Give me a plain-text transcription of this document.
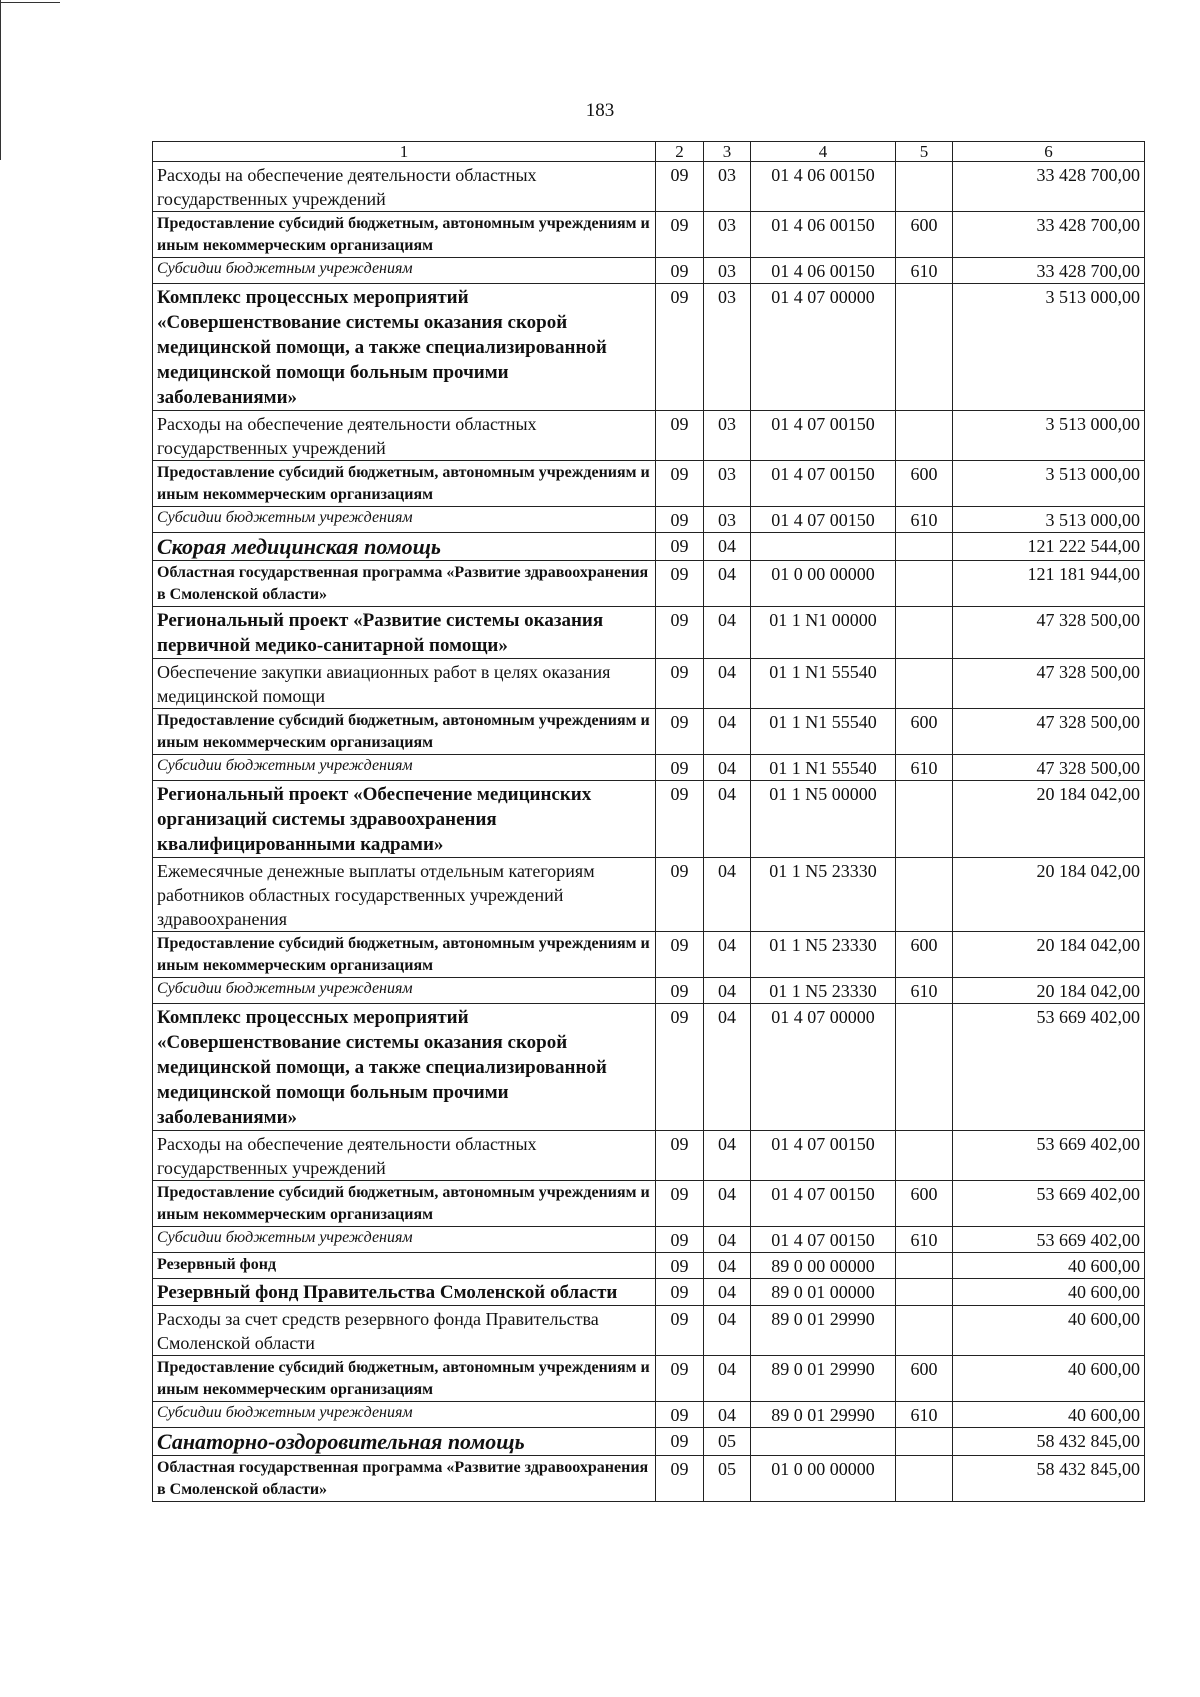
183
1	2	3	4	5	6
Расходы на обеспечение деятельности областных государственных учреждений	09	03	01 4 06 00150		33 428 700,00
Предоставление субсидий бюджетным, автономным учреждениям и иным некоммерческим организациям	09	03	01 4 06 00150	600	33 428 700,00
Субсидии бюджетным учреждениям	09	03	01 4 06 00150	610	33 428 700,00
Комплекс процессных мероприятий «Совершенствование системы оказания скорой медицинской помощи, а также специализированной медицинской помощи больным прочими заболеваниями»	09	03	01 4 07 00000		3 513 000,00
Расходы на обеспечение деятельности областных государственных учреждений	09	03	01 4 07 00150		3 513 000,00
Предоставление субсидий бюджетным, автономным учреждениям и иным некоммерческим организациям	09	03	01 4 07 00150	600	3 513 000,00
Субсидии бюджетным учреждениям	09	03	01 4 07 00150	610	3 513 000,00
Скорая медицинская помощь	09	04			121 222 544,00
Областная государственная программа «Развитие здравоохранения в Смоленской области»	09	04	01 0 00 00000		121 181 944,00
Региональный проект «Развитие системы оказания первичной медико-санитарной помощи»	09	04	01 1 N1 00000		47 328 500,00
Обеспечение закупки авиационных работ в целях оказания медицинской помощи	09	04	01 1 N1 55540		47 328 500,00
Предоставление субсидий бюджетным, автономным учреждениям и иным некоммерческим организациям	09	04	01 1 N1 55540	600	47 328 500,00
Субсидии бюджетным учреждениям	09	04	01 1 N1 55540	610	47 328 500,00
Региональный проект «Обеспечение медицинских организаций системы здравоохранения квалифицированными кадрами»	09	04	01 1 N5 00000		20 184 042,00
Ежемесячные денежные выплаты отдельным категориям работников областных государственных учреждений здравоохранения	09	04	01 1 N5 23330		20 184 042,00
Предоставление субсидий бюджетным, автономным учреждениям и иным некоммерческим организациям	09	04	01 1 N5 23330	600	20 184 042,00
Субсидии бюджетным учреждениям	09	04	01 1 N5 23330	610	20 184 042,00
Комплекс процессных мероприятий «Совершенствование системы оказания скорой медицинской помощи, а также специализированной медицинской помощи больным прочими заболеваниями»	09	04	01 4 07 00000		53 669 402,00
Расходы на обеспечение деятельности областных государственных учреждений	09	04	01 4 07 00150		53 669 402,00
Предоставление субсидий бюджетным, автономным учреждениям и иным некоммерческим организациям	09	04	01 4 07 00150	600	53 669 402,00
Субсидии бюджетным учреждениям	09	04	01 4 07 00150	610	53 669 402,00
Резервный фонд	09	04	89 0 00 00000		40 600,00
Резервный фонд Правительства Смоленской области	09	04	89 0 01 00000		40 600,00
Расходы за счет средств резервного фонда Правительства Смоленской области	09	04	89 0 01 29990		40 600,00
Предоставление субсидий бюджетным, автономным учреждениям и иным некоммерческим организациям	09	04	89 0 01 29990	600	40 600,00
Субсидии бюджетным учреждениям	09	04	89 0 01 29990	610	40 600,00
Санаторно-оздоровительная помощь	09	05			58 432 845,00
Областная государственная программа «Развитие здравоохранения в Смоленской области»	09	05	01 0 00 00000		58 432 845,00
